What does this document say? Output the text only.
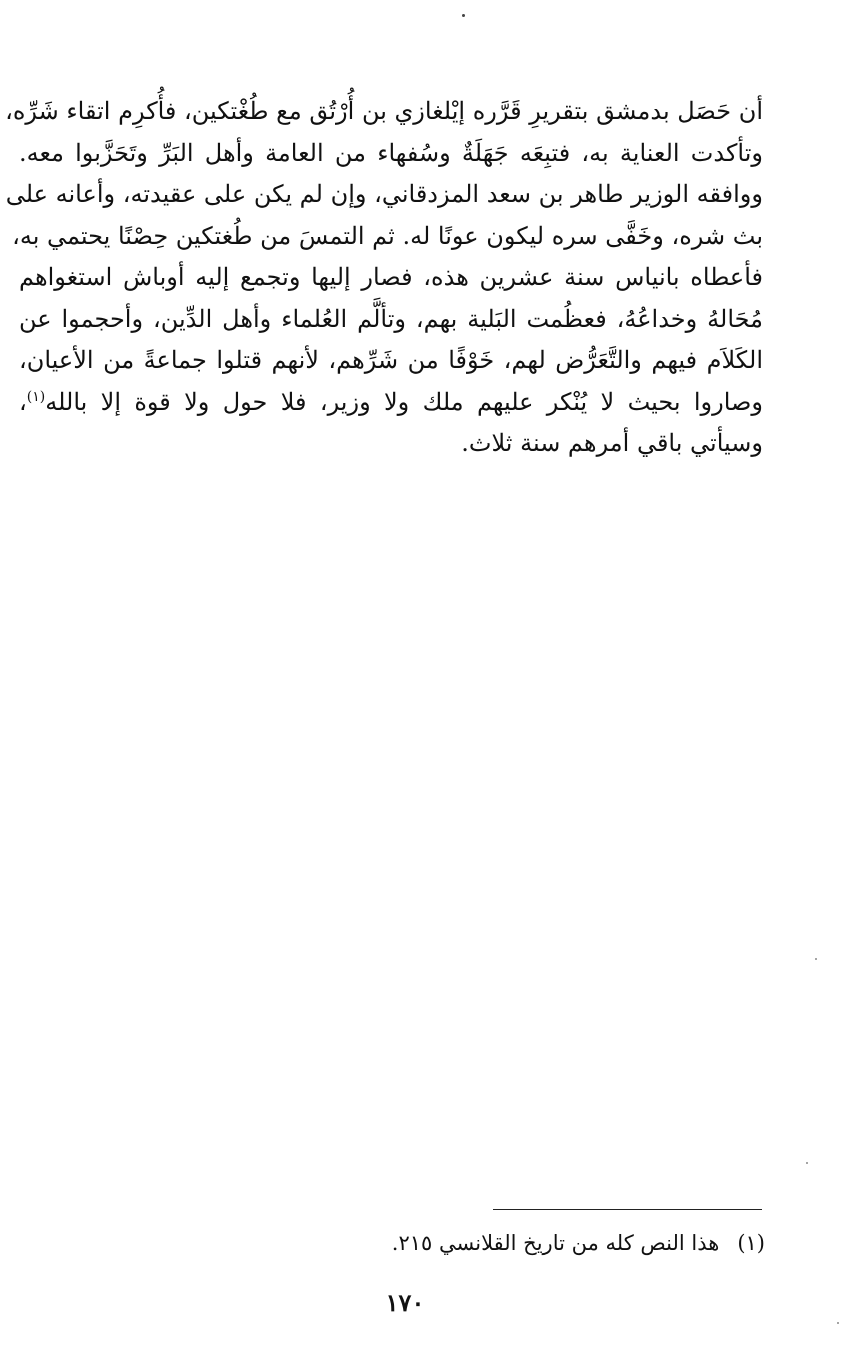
أن حَصَل بدمشق بتقريرِ قَرَّره إيْلغازي بن أُرْتُق مع طُغْتكين، فأُكرِم اتقاء شَرِّه،
وتأكدت العناية به، فتبِعَه جَهَلَةٌ وسُفهاء من العامة وأهل البَرِّ وتَحَزَّبوا معه.
ووافقه الوزير طاهر بن سعد المزدقاني، وإن لم يكن على عقيدته، وأعانه على
بث شره، وخَفَّى سره ليكون عونًا له. ثم التمسَ من طُغتكين حِصْنًا يحتمي به،
فأعطاه بانياس سنة عشرين هذه، فصار إليها وتجمع إليه أوباش استغواهم
مُحَالهُ وخداعُهُ، فعظُمت البَلية بهم، وتألَّم العُلماء وأهل الدِّين، وأحجموا عن
الكَلاَم فيهم والتَّعَرُّض لهم، خَوْفًا من شَرِّهم، لأنهم قتلوا جماعةً من الأعيان،
وصاروا بحيث لا يُنْكر عليهم ملك ولا وزير، فلا حول ولا قوة إلا بالله$^{(١)}$،
وسيأتي باقي أمرهم سنة ثلاث.
(١)هذا النص كله من تاريخ القلانسي ٢١٥.
١٧٠
